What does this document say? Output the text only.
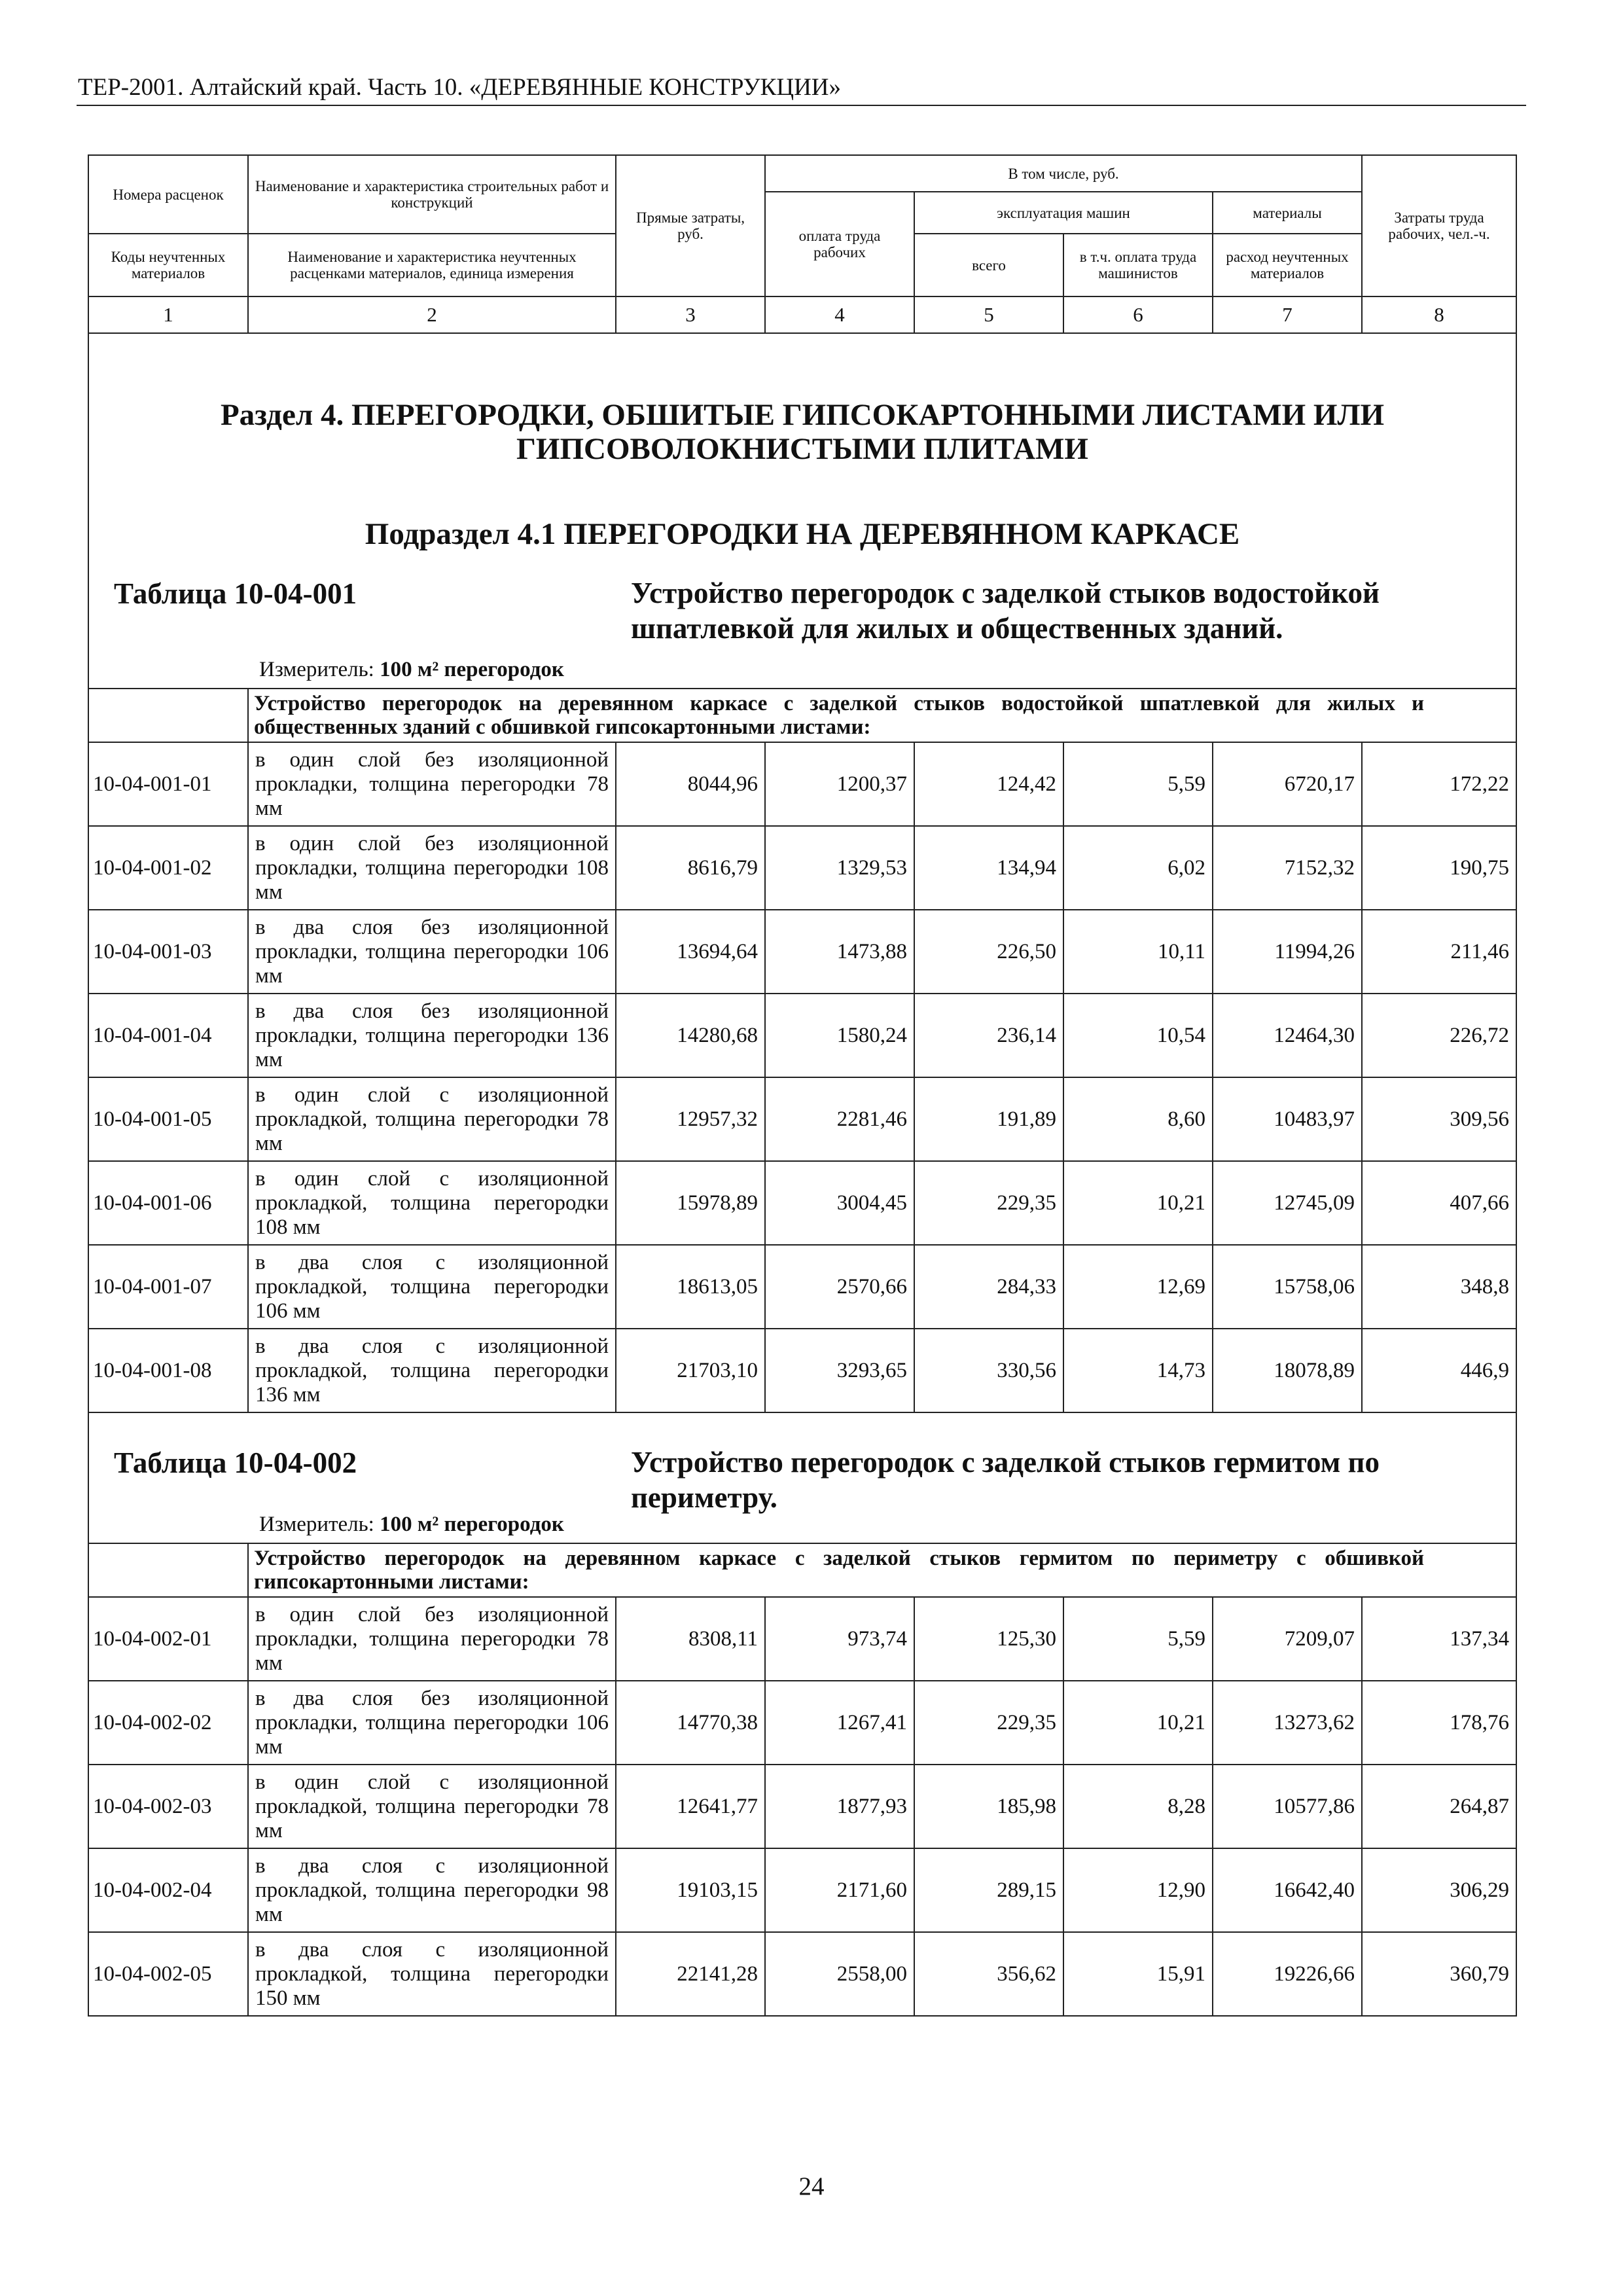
ТЕР-2001. Алтайский край. Часть 10. «ДЕРЕВЯННЫЕ КОНСТРУКЦИИ»
Номера расценок	Наименование и характеристика строительных работ и конструкций	Прямые затраты, руб.	В том числе, руб.				Затраты труда рабочих, чел.-ч.
			оплата труда рабочих	эксплуатация машин		материалы	
Коды неучтенных материалов	Наименование и характеристика неучтенных расценками материалов, единица измерения			всего	в т.ч. оплата труда машинистов	расход неучтенных материалов	
1	2	3	4	5	6	7	8

Раздел 4. ПЕРЕГОРОДКИ, ОБШИТЫЕ ГИПСОКАРТОННЫМИ ЛИСТАМИ ИЛИ ГИПСОВОЛОКНИСТЫМИ ПЛИТАМИ
Подраздел 4.1 ПЕРЕГОРОДКИ НА ДЕРЕВЯННОМ КАРКАСЕ
Таблица 10-04-001 Устройство перегородок с заделкой стыков водостойкой шпатлевкой для жилых и общественных зданий.
Измеритель: 100 м² перегородок							

	Устройство перегородок на деревянном каркасе с заделкой стыков водостойкой шпатлевкой для жилых и общественных зданий с обшивкой гипсокартонными листами:						
10-04-001-01	в один слой без изоляционной прокладки, толщина перегородки 78 мм	8044,96	1200,37	124,42	5,59	6720,17	172,22
10-04-001-02	в один слой без изоляционной прокладки, толщина перегородки 108 мм	8616,79	1329,53	134,94	6,02	7152,32	190,75
10-04-001-03	в два слоя без изоляционной прокладки, толщина перегородки 106 мм	13694,64	1473,88	226,50	10,11	11994,26	211,46
10-04-001-04	в два слоя без изоляционной прокладки, толщина перегородки 136 мм	14280,68	1580,24	236,14	10,54	12464,30	226,72
10-04-001-05	в один слой с изоляционной прокладкой, толщина перегородки 78 мм	12957,32	2281,46	191,89	8,60	10483,97	309,56
10-04-001-06	в один слой с изоляционной прокладкой, толщина перегородки 108 мм	15978,89	3004,45	229,35	10,21	12745,09	407,66
10-04-001-07	в два слоя с изоляционной прокладкой, толщина перегородки 106 мм	18613,05	2570,66	284,33	12,69	15758,06	348,8
10-04-001-08	в два слоя с изоляционной прокладкой, толщина перегородки 136 мм	21703,10	3293,65	330,56	14,73	18078,89	446,9

Таблица 10-04-002 Устройство перегородок с заделкой стыков гермитом по периметру.
Измеритель: 100 м² перегородок							

	Устройство перегородок на деревянном каркасе с заделкой стыков гермитом по периметру с обшивкой гипсокартонными листами:						
10-04-002-01	в один слой без изоляционной прокладки, толщина перегородки 78 мм	8308,11	973,74	125,30	5,59	7209,07	137,34
10-04-002-02	в два слоя без изоляционной прокладки, толщина перегородки 106 мм	14770,38	1267,41	229,35	10,21	13273,62	178,76
10-04-002-03	в один слой с изоляционной прокладкой, толщина перегородки 78 мм	12641,77	1877,93	185,98	8,28	10577,86	264,87
10-04-002-04	в два слоя с изоляционной прокладкой, толщина перегородки 98 мм	19103,15	2171,60	289,15	12,90	16642,40	306,29
10-04-002-05	в два слоя с изоляционной прокладкой, толщина перегородки 150 мм	22141,28	2558,00	356,62	15,91	19226,66	360,79
24
